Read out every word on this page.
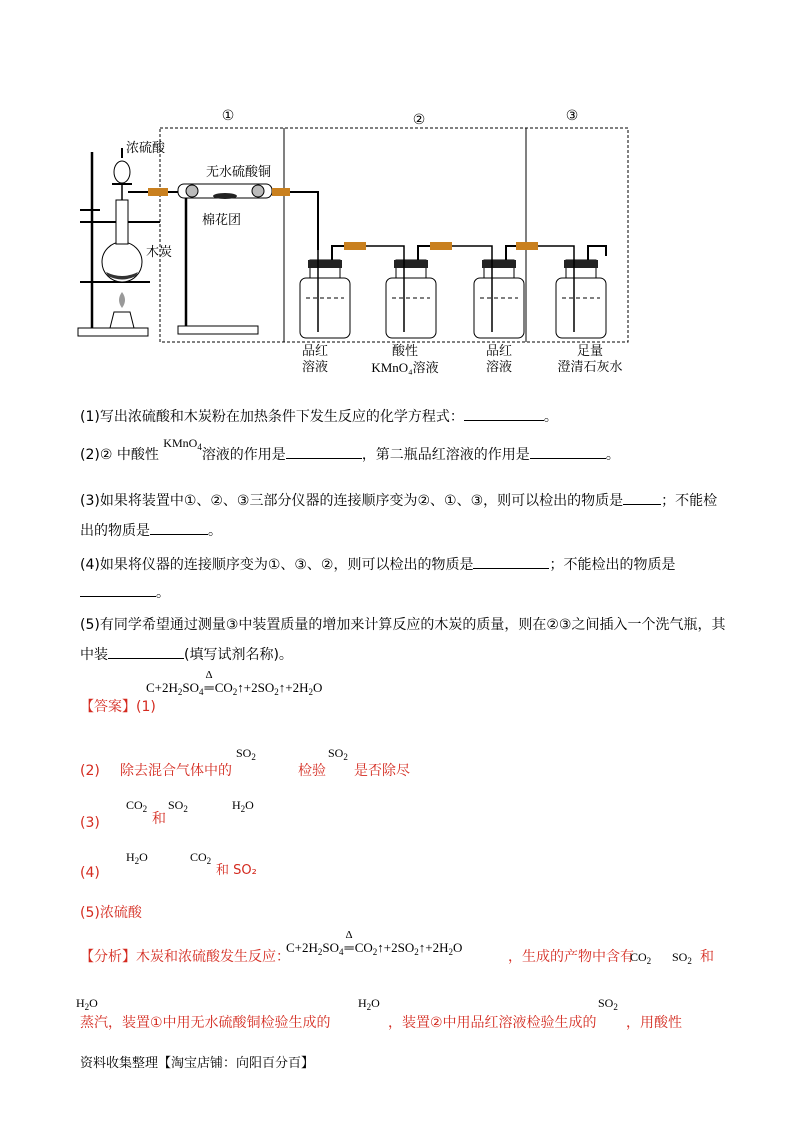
①	②	③
浓硫酸
木炭
无水硫酸铜
棉花团
品红
溶液
酸性
KMnO₄溶液
品红
溶液
足量
澄清石灰水
(1)写出浓硫酸和木炭粉在加热条件下发生反应的化学方程式：	。
(2)② 中酸性 KMnO$_4$溶液的作用是	，第二瓶品红溶液的作用是	。
(3)如果将装置中①、②、③三部分仪器的连接顺序变为②、①、③，则可以检出的物质是	；不能检
出的物质是	。
(4)如果将仪器的连接顺序变为①、③、②，则可以检出的物质是	；不能检出的物质是
。
(5)有同学希望通过测量③中装置质量的增加来计算反应的木炭的质量，则在②③之间插入一个洗气瓶，其
中装	(填写试剂名称)。
$C+2H_2SO_4$
Δ
$═CO_2↑+2SO_2↑+2H_2O$
【答案】(1)
(2) 除去混合气体中的
$SO_2$
检验
$SO_2$
是否除尽
(3)
$CO_2$
和
$SO_2$	$H_2O$
(4)
$H_2O$	$CO_2$
和 SO₂
(5)浓硫酸
【分析】木炭和浓硫酸发生反应：
$C+2H_2SO_4$
Δ
$═CO_2↑+2SO_2↑+2H_2O$
，生成的产物中含有
$CO_2$ $SO_2$ 和
$H_2O$
蒸汽，装置①中用无水硫酸铜检验生成的
$H_2O$
，装置②中用品红溶液检验生成的
$SO_2$
，用酸性
资料收集整理【淘宝店铺：向阳百分百】
